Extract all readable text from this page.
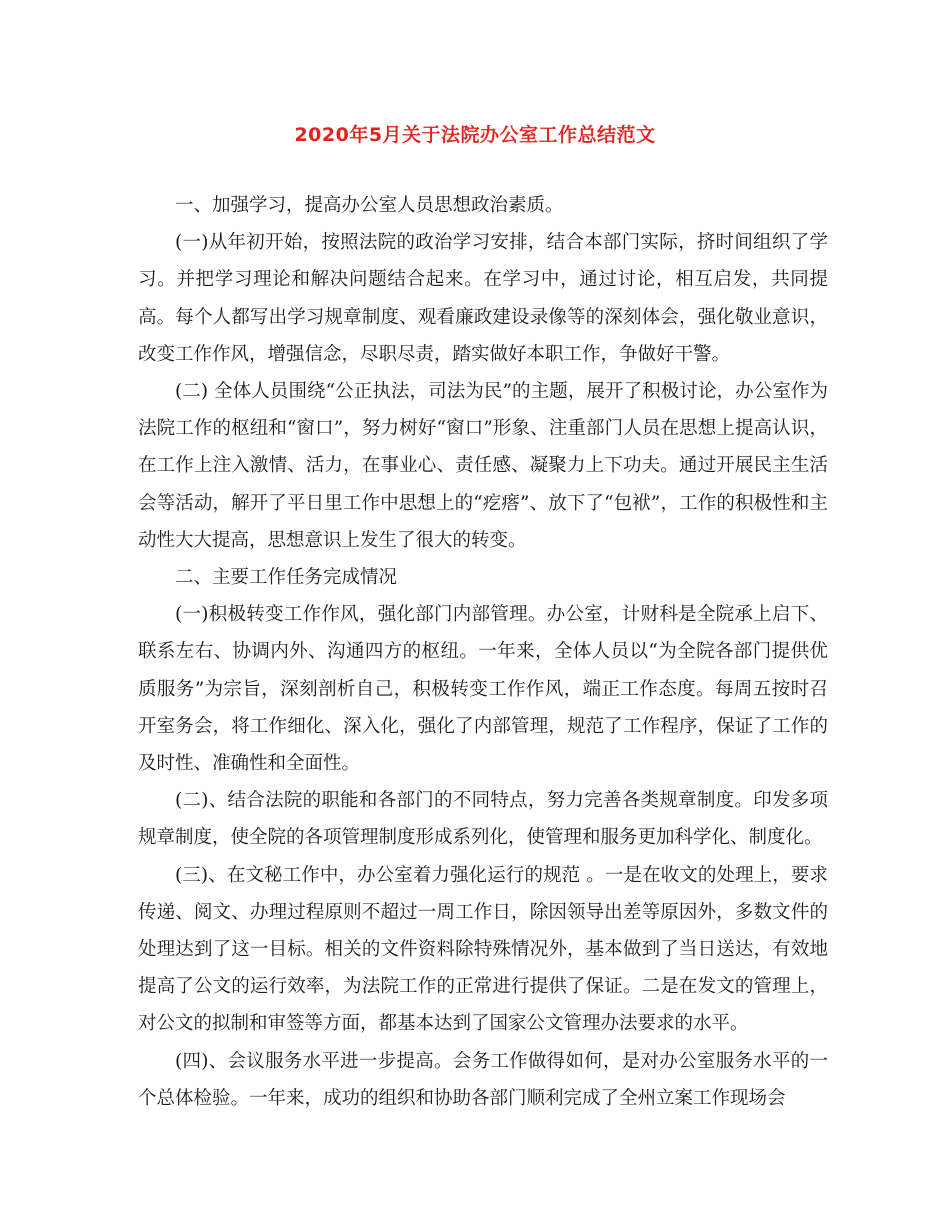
2020年5月关于法院办公室工作总结范文

一、加强学习，提高办公室人员思想政治素质。

(一)从年初开始，按照法院的政治学习安排，结合本部门实际，挤时间组织了学习。并把学习理论和解决问题结合起来。在学习中，通过讨论，相互启发，共同提高。每个人都写出学习规章制度、观看廉政建设录像等的深刻体会，强化敬业意识，改变工作作风，增强信念，尽职尽责，踏实做好本职工作，争做好干警。

(二) 全体人员围绕“公正执法，司法为民”的主题，展开了积极讨论，办公室作为法院工作的枢纽和“窗口”，努力树好“窗口”形象、注重部门人员在思想上提高认识，在工作上注入激情、活力，在事业心、责任感、凝聚力上下功夫。通过开展民主生活会等活动，解开了平日里工作中思想上的“疙瘩”、放下了“包袱”，工作的积极性和主动性大大提高，思想意识上发生了很大的转变。

二、主要工作任务完成情况

(一)积极转变工作作风，强化部门内部管理。办公室，计财科是全院承上启下、联系左右、协调内外、沟通四方的枢纽。一年来，全体人员以“为全院各部门提供优质服务”为宗旨，深刻剖析自己，积极转变工作作风，端正工作态度。每周五按时召开室务会，将工作细化、深入化，强化了内部管理，规范了工作程序，保证了工作的及时性、准确性和全面性。

(二)、结合法院的职能和各部门的不同特点，努力完善各类规章制度。印发多项规章制度，使全院的各项管理制度形成系列化，使管理和服务更加科学化、制度化。

(三)、在文秘工作中，办公室着力强化运行的规范 。一是在收文的处理上，要求传递、阅文、办理过程原则不超过一周工作日，除因领导出差等原因外，多数文件的处理达到了这一目标。相关的文件资料除特殊情况外，基本做到了当日送达，有效地提高了公文的运行效率，为法院工作的正常进行提供了保证。二是在发文的管理上，对公文的拟制和审签等方面，都基本达到了国家公文管理办法要求的水平。

(四)、会议服务水平进一步提高。会务工作做得如何，是对办公室服务水平的一个总体检验。一年来，成功的组织和协助各部门顺利完成了全州立案工作现场会
